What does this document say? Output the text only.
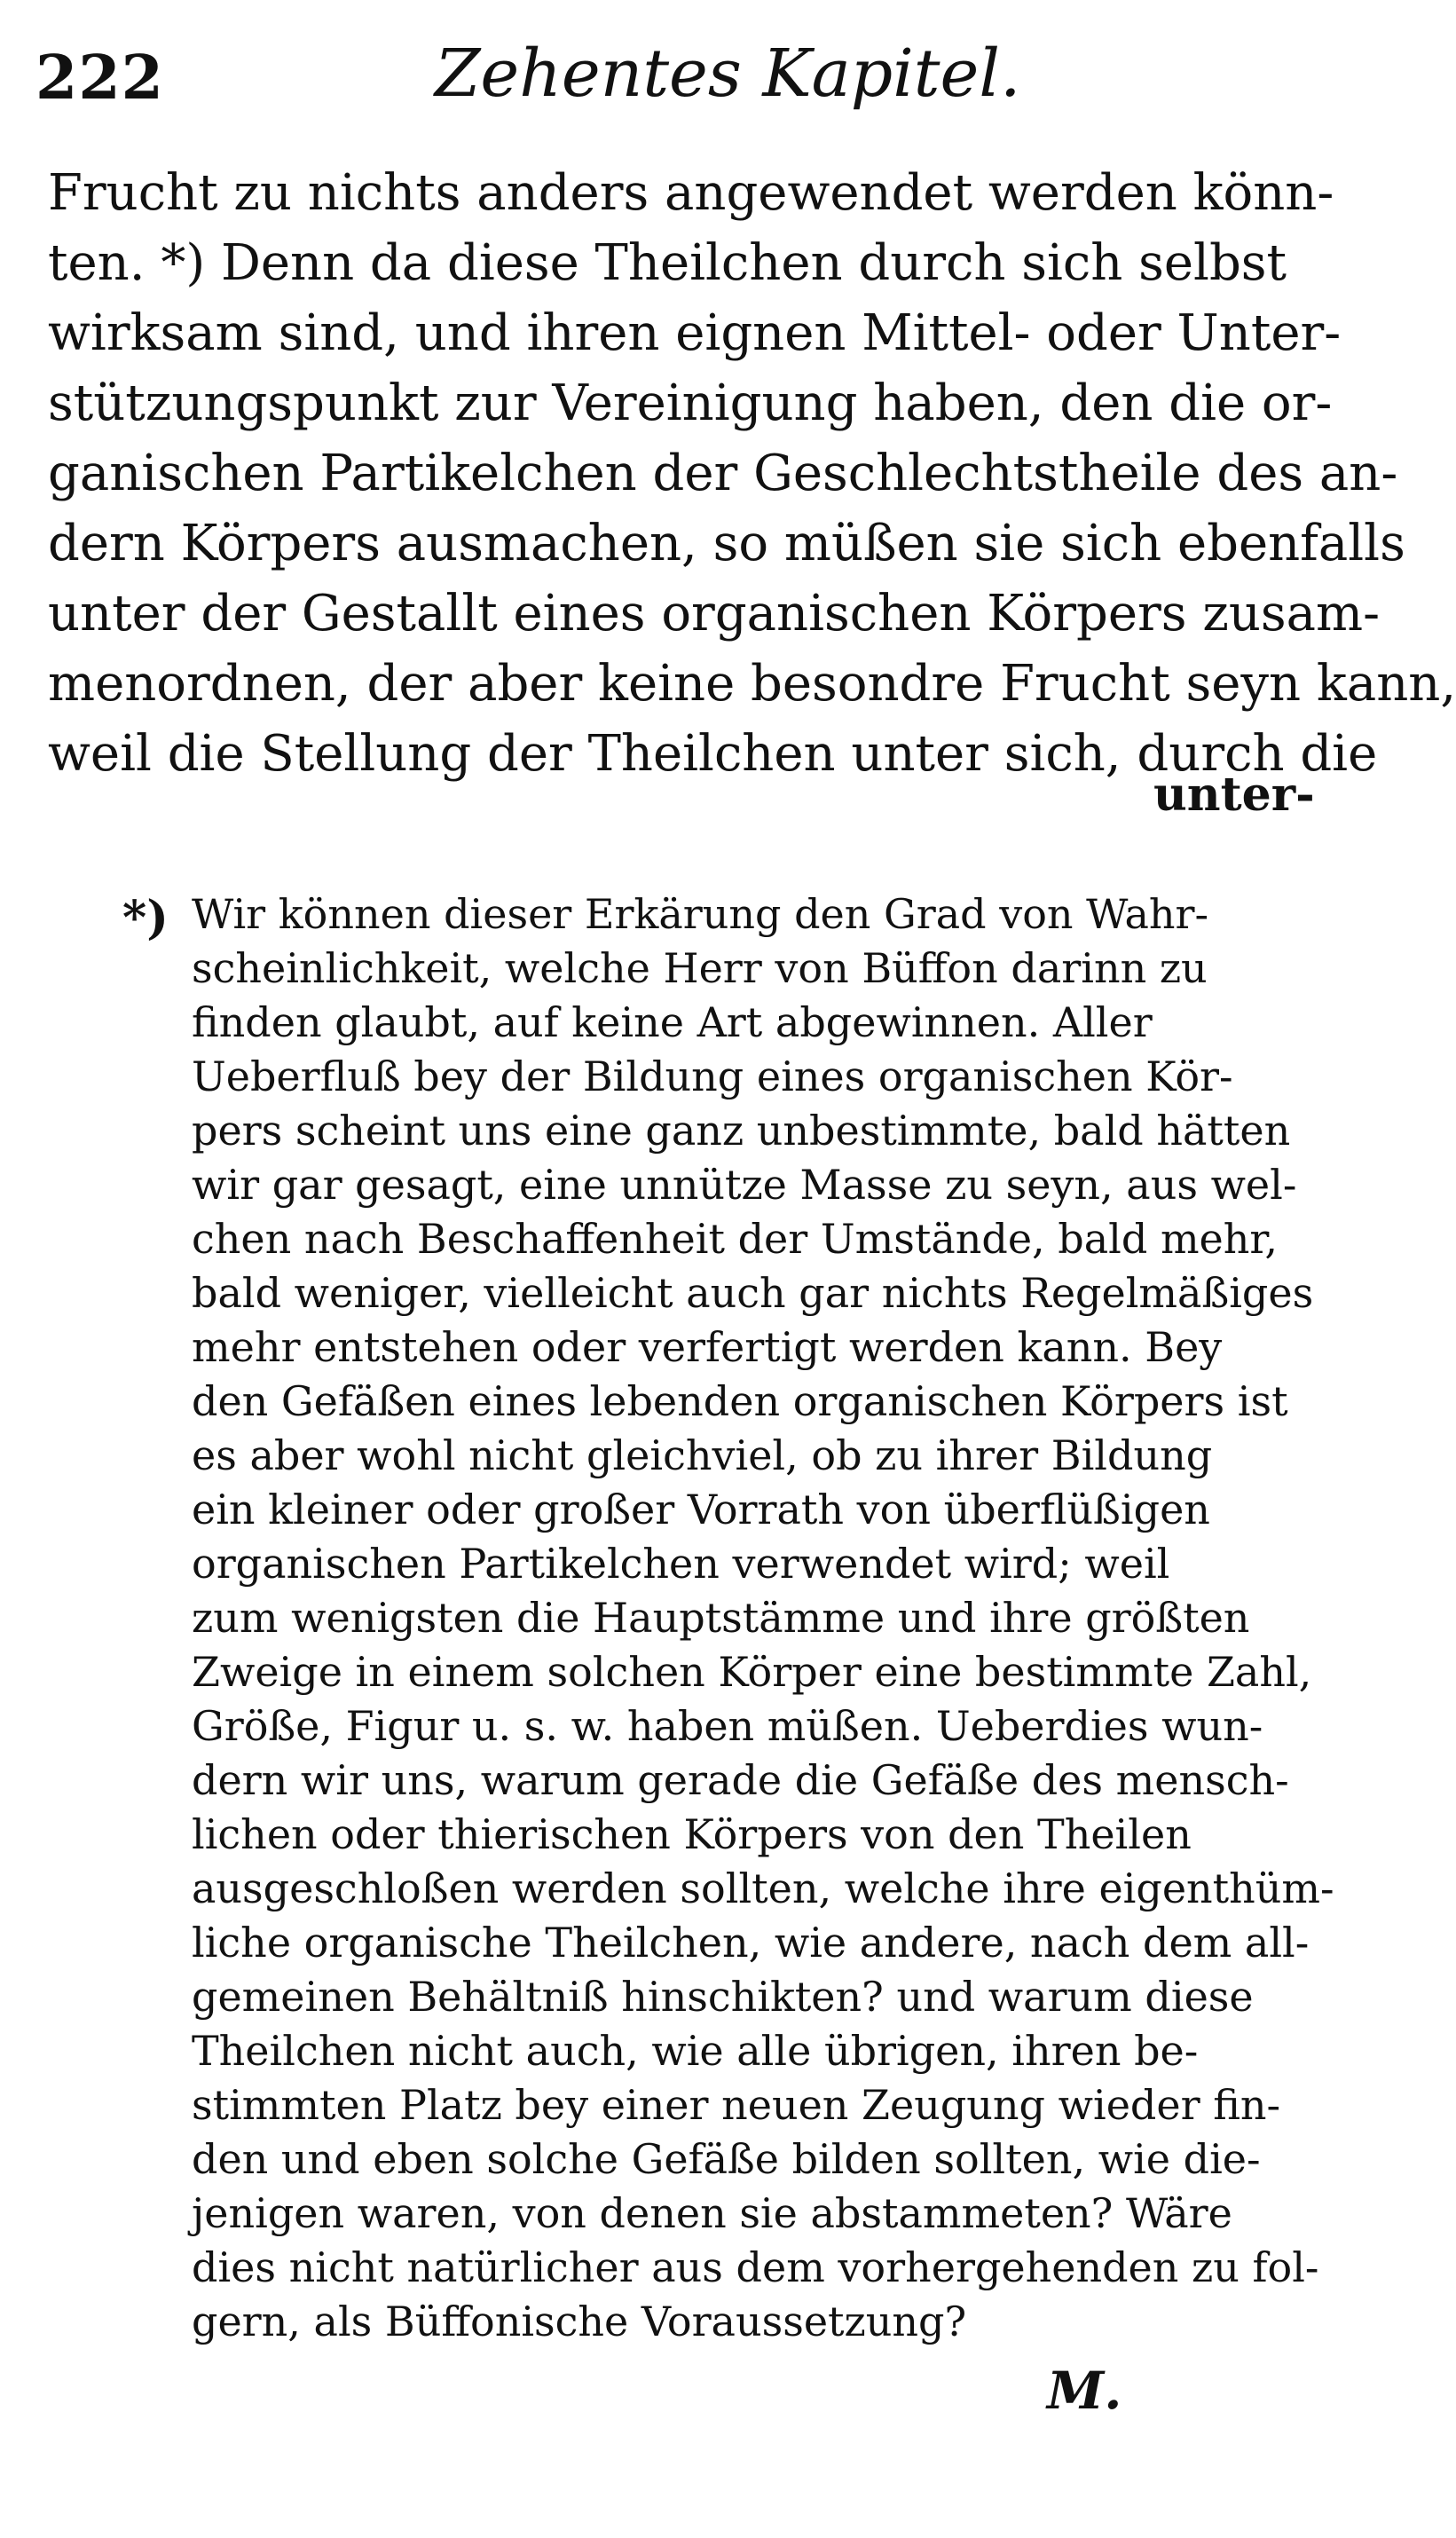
222	Zehentes Kapitel.
Frucht zu nichts anders angewendet werden könn-
ten. *) Denn da diese Theilchen durch sich selbst
wirksam sind, und ihren eignen Mittel- oder Unter-
stützungspunkt zur Vereinigung haben, den die or-
ganischen Partikelchen der Geschlechtstheile des an-
dern Körpers ausmachen, so müßen sie sich ebenfalls
unter der Gestallt eines organischen Körpers zusam-
menordnen, der aber keine besondre Frucht seyn kann,
weil die Stellung der Theilchen unter sich, durch die
unter-
*) Wir können dieser Erkärung den Grad von Wahr-
scheinlichkeit, welche Herr von Büffon darinn zu
finden glaubt, auf keine Art abgewinnen. Aller
Ueberfluß bey der Bildung eines organischen Kör-
pers scheint uns eine ganz unbestimmte, bald hätten
wir gar gesagt, eine unnütze Masse zu seyn, aus wel-
chen nach Beschaffenheit der Umstände, bald mehr,
bald weniger, vielleicht auch gar nichts Regelmäßiges
mehr entstehen oder verfertigt werden kann. Bey
den Gefäßen eines lebenden organischen Körpers ist
es aber wohl nicht gleichviel, ob zu ihrer Bildung
ein kleiner oder großer Vorrath von überflüßigen
organischen Partikelchen verwendet wird; weil
zum wenigsten die Hauptstämme und ihre größten
Zweige in einem solchen Körper eine bestimmte Zahl,
Größe, Figur u. s. w. haben müßen. Ueberdies wun-
dern wir uns, warum gerade die Gefäße des mensch-
lichen oder thierischen Körpers von den Theilen
ausgeschloßen werden sollten, welche ihre eigenthüm-
liche organische Theilchen, wie andere, nach dem all-
gemeinen Behältniß hinschikten? und warum diese
Theilchen nicht auch, wie alle übrigen, ihren be-
stimmten Platz bey einer neuen Zeugung wieder fin-
den und eben solche Gefäße bilden sollten, wie die-
jenigen waren, von denen sie abstammeten? Wäre
dies nicht natürlicher aus dem vorhergehenden zu fol-
gern, als Büffonische Voraussetzung?
M.
